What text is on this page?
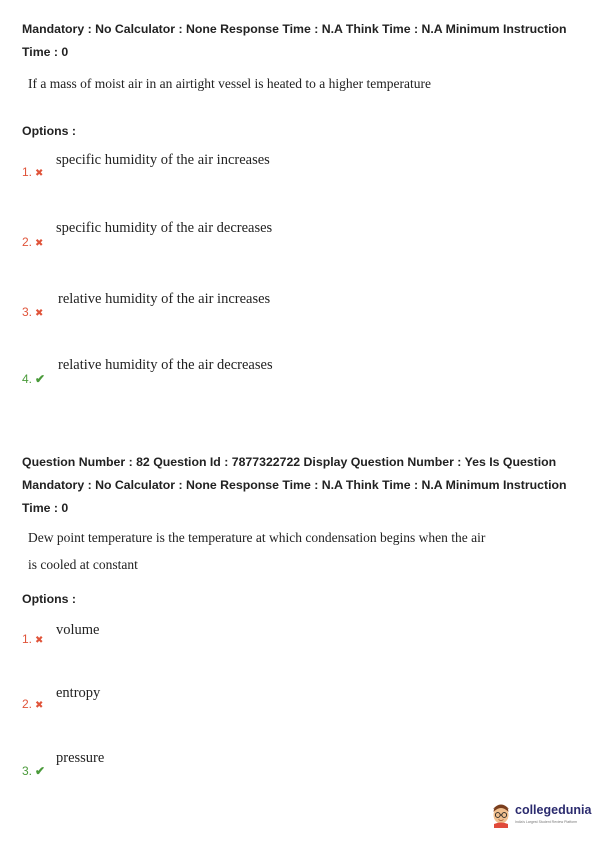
Mandatory : No Calculator : None Response Time : N.A Think Time : N.A Minimum Instruction
Time : 0
If a mass of moist air in an airtight vessel is heated to a higher temperature
Options :
specific humidity of the air increases
1. ✖
specific humidity of the air decreases
2. ✖
relative humidity of the air increases
3. ✖
relative humidity of the air decreases
4. ✔
Question Number : 82 Question Id : 7877322722 Display Question Number : Yes Is Question
Mandatory : No Calculator : None Response Time : N.A Think Time : N.A Minimum Instruction
Time : 0
Dew point temperature is the temperature at which condensation begins when the air
is cooled at constant
Options :
volume
1. ✖
entropy
2. ✖
pressure
3. ✔
collegedunia
India's Largest Student Review Platform
